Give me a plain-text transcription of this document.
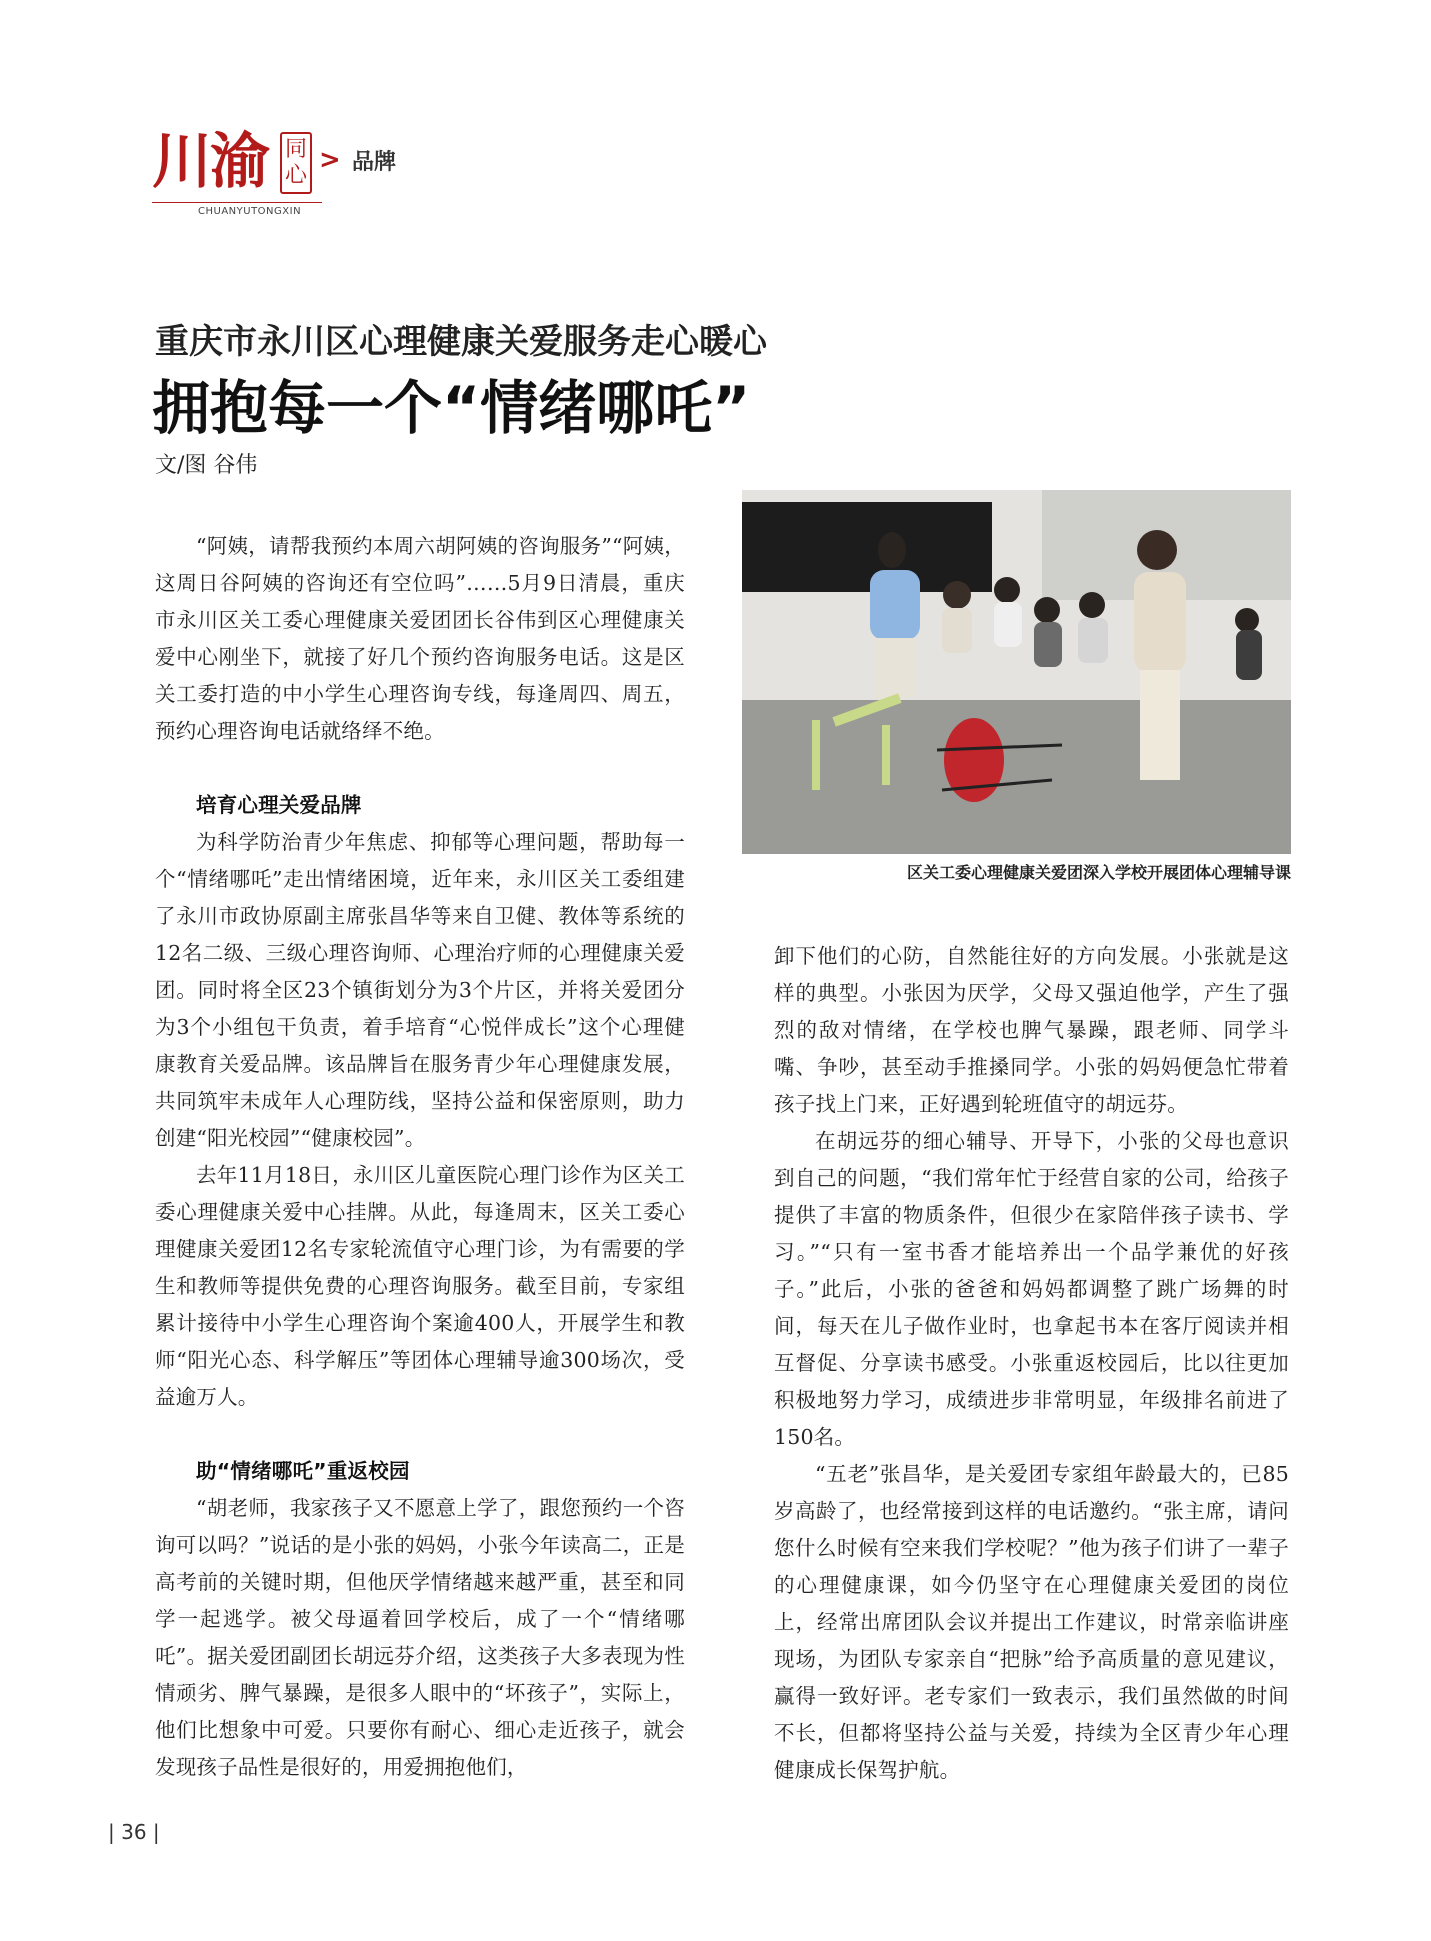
川渝 同
心
> 品牌
CHUANYUTONGXIN
重庆市永川区心理健康关爱服务走心暖心
拥抱每一个“情绪哪吒”
文/图 谷伟

“阿姨，请帮我预约本周六胡阿姨的咨询服务”“阿姨，这周日谷阿姨的咨询还有空位吗”……5月9日清晨，重庆市永川区关工委心理健康关爱团团长谷伟到区心理健康关爱中心刚坐下，就接了好几个预约咨询服务电话。这是区关工委打造的中小学生心理咨询专线，每逢周四、周五，预约心理咨询电话就络绎不绝。

培育心理关爱品牌

为科学防治青少年焦虑、抑郁等心理问题，帮助每一个“情绪哪吒”走出情绪困境，近年来，永川区关工委组建了永川市政协原副主席张昌华等来自卫健、教体等系统的12名二级、三级心理咨询师、心理治疗师的心理健康关爱团。同时将全区23个镇街划分为3个片区，并将关爱团分为3个小组包干负责，着手培育“心悦伴成长”这个心理健康教育关爱品牌。该品牌旨在服务青少年心理健康发展，共同筑牢未成年人心理防线，坚持公益和保密原则，助力创建“阳光校园”“健康校园”。

去年11月18日，永川区儿童医院心理门诊作为区关工委心理健康关爱中心挂牌。从此，每逢周末，区关工委心理健康关爱团12名专家轮流值守心理门诊，为有需要的学生和教师等提供免费的心理咨询服务。截至目前，专家组累计接待中小学生心理咨询个案逾400人，开展学生和教师“阳光心态、科学解压”等团体心理辅导逾300场次，受益逾万人。

助“情绪哪吒”重返校园

“胡老师，我家孩子又不愿意上学了，跟您预约一个咨询可以吗？”说话的是小张的妈妈，小张今年读高二，正是高考前的关键时期，但他厌学情绪越来越严重，甚至和同学一起逃学。被父母逼着回学校后，成了一个“情绪哪吒”。据关爱团副团长胡远芬介绍，这类孩子大多表现为性情顽劣、脾气暴躁，是很多人眼中的“坏孩子”，实际上，他们比想象中可爱。只要你有耐心、细心走近孩子，就会发现孩子品性是很好的，用爱拥抱他们，

区关工委心理健康关爱团深入学校开展团体心理辅导课

卸下他们的心防，自然能往好的方向发展。小张就是这样的典型。小张因为厌学，父母又强迫他学，产生了强烈的敌对情绪，在学校也脾气暴躁，跟老师、同学斗嘴、争吵，甚至动手推搡同学。小张的妈妈便急忙带着孩子找上门来，正好遇到轮班值守的胡远芬。

在胡远芬的细心辅导、开导下，小张的父母也意识到自己的问题，“我们常年忙于经营自家的公司，给孩子提供了丰富的物质条件，但很少在家陪伴孩子读书、学习。”“只有一室书香才能培养出一个品学兼优的好孩子。”此后，小张的爸爸和妈妈都调整了跳广场舞的时间，每天在儿子做作业时，也拿起书本在客厅阅读并相互督促、分享读书感受。小张重返校园后，比以往更加积极地努力学习，成绩进步非常明显，年级排名前进了150名。

“五老”张昌华，是关爱团专家组年龄最大的，已85岁高龄了，也经常接到这样的电话邀约。“张主席，请问您什么时候有空来我们学校呢？”他为孩子们讲了一辈子的心理健康课，如今仍坚守在心理健康关爱团的岗位上，经常出席团队会议并提出工作建议，时常亲临讲座现场，为团队专家亲自“把脉”给予高质量的意见建议，赢得一致好评。老专家们一致表示，我们虽然做的时间不长，但都将坚持公益与关爱，持续为全区青少年心理健康成长保驾护航。

| 36 |
